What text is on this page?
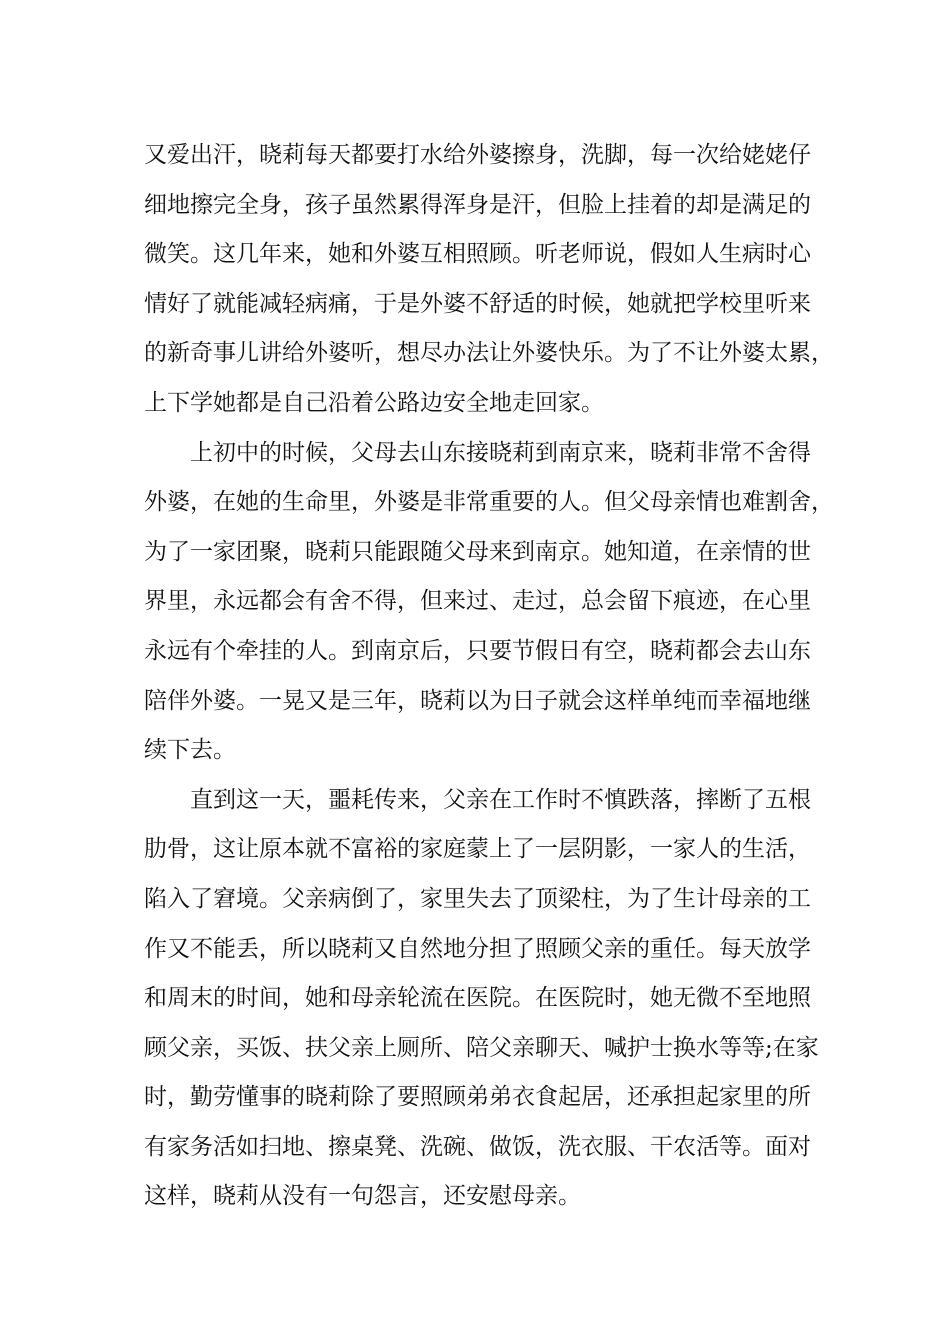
又爱出汗，晓莉每天都要打水给外婆擦身，洗脚，每一次给姥姥仔
细地擦完全身，孩子虽然累得浑身是汗，但脸上挂着的却是满足的
微笑。这几年来，她和外婆互相照顾。听老师说，假如人生病时心
情好了就能减轻病痛，于是外婆不舒适的时候，她就把学校里听来
的新奇事儿讲给外婆听，想尽办法让外婆快乐。为了不让外婆太累，
上下学她都是自己沿着公路边安全地走回家。
上初中的时候，父母去山东接晓莉到南京来，晓莉非常不舍得
外婆，在她的生命里，外婆是非常重要的人。但父母亲情也难割舍，
为了一家团聚，晓莉只能跟随父母来到南京。她知道，在亲情的世
界里，永远都会有舍不得，但来过、走过，总会留下痕迹，在心里
永远有个牵挂的人。到南京后，只要节假日有空，晓莉都会去山东
陪伴外婆。一晃又是三年，晓莉以为日子就会这样单纯而幸福地继
续下去。
直到这一天，噩耗传来，父亲在工作时不慎跌落，摔断了五根
肋骨，这让原本就不富裕的家庭蒙上了一层阴影，一家人的生活，
陷入了窘境。父亲病倒了，家里失去了顶梁柱，为了生计母亲的工
作又不能丢，所以晓莉又自然地分担了照顾父亲的重任。每天放学
和周末的时间，她和母亲轮流在医院。在医院时，她无微不至地照
顾父亲，买饭、扶父亲上厕所、陪父亲聊天、喊护士换水等等;在家
时，勤劳懂事的晓莉除了要照顾弟弟衣食起居，还承担起家里的所
有家务活如扫地、擦桌凳、洗碗、做饭，洗衣服、干农活等。面对
这样，晓莉从没有一句怨言，还安慰母亲。
